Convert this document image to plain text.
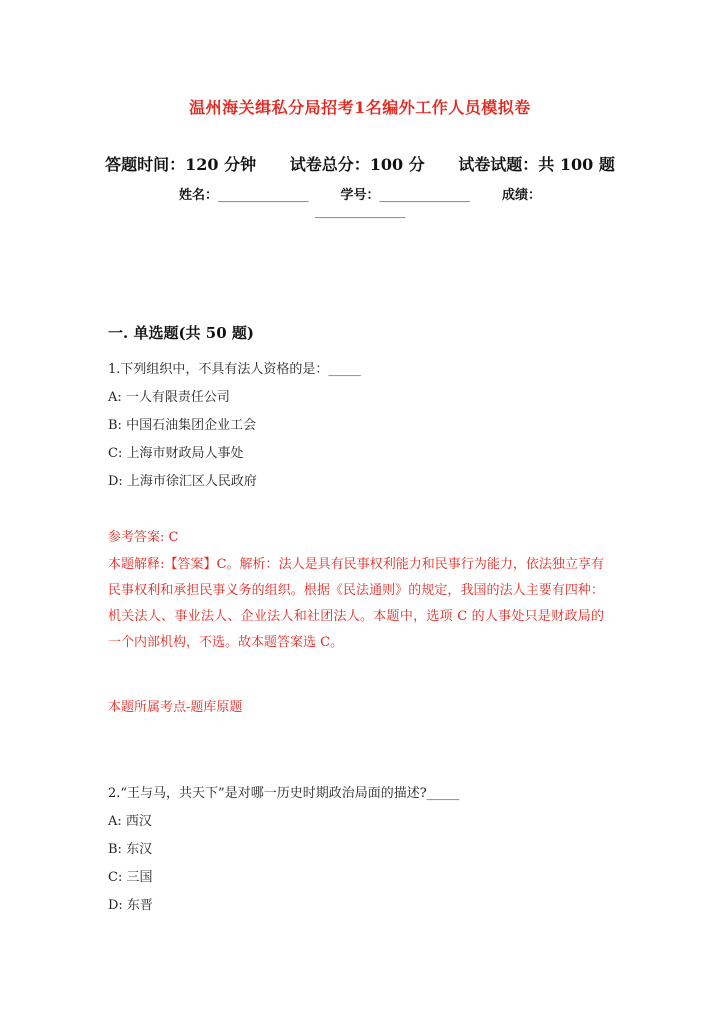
温州海关缉私分局招考1名编外工作人员模拟卷
答题时间：120 分钟 试卷总分：100 分 试卷试题：共 100 题
姓名：_______________	学号：_______________	成绩：
_______________
一. 单选题(共 50 题)
1.下列组织中，不具有法人资格的是：_____
A: 一人有限责任公司
B: 中国石油集团企业工会
C: 上海市财政局人事处
D: 上海市徐汇区人民政府
参考答案: C
本题解释:【答案】C。解析：法人是具有民事权利能力和民事行为能力，依法独立享有民事权利和承担民事义务的组织。根据《民法通则》的规定，我国的法人主要有四种：机关法人、事业法人、企业法人和社团法人。本题中，选项 C 的人事处只是财政局的一个内部机构，不选。故本题答案选 C。
本题所属考点-题库原题
2.“王与马，共天下”是对哪一历史时期政治局面的描述?_____
A: 西汉
B: 东汉
C: 三国
D: 东晋
